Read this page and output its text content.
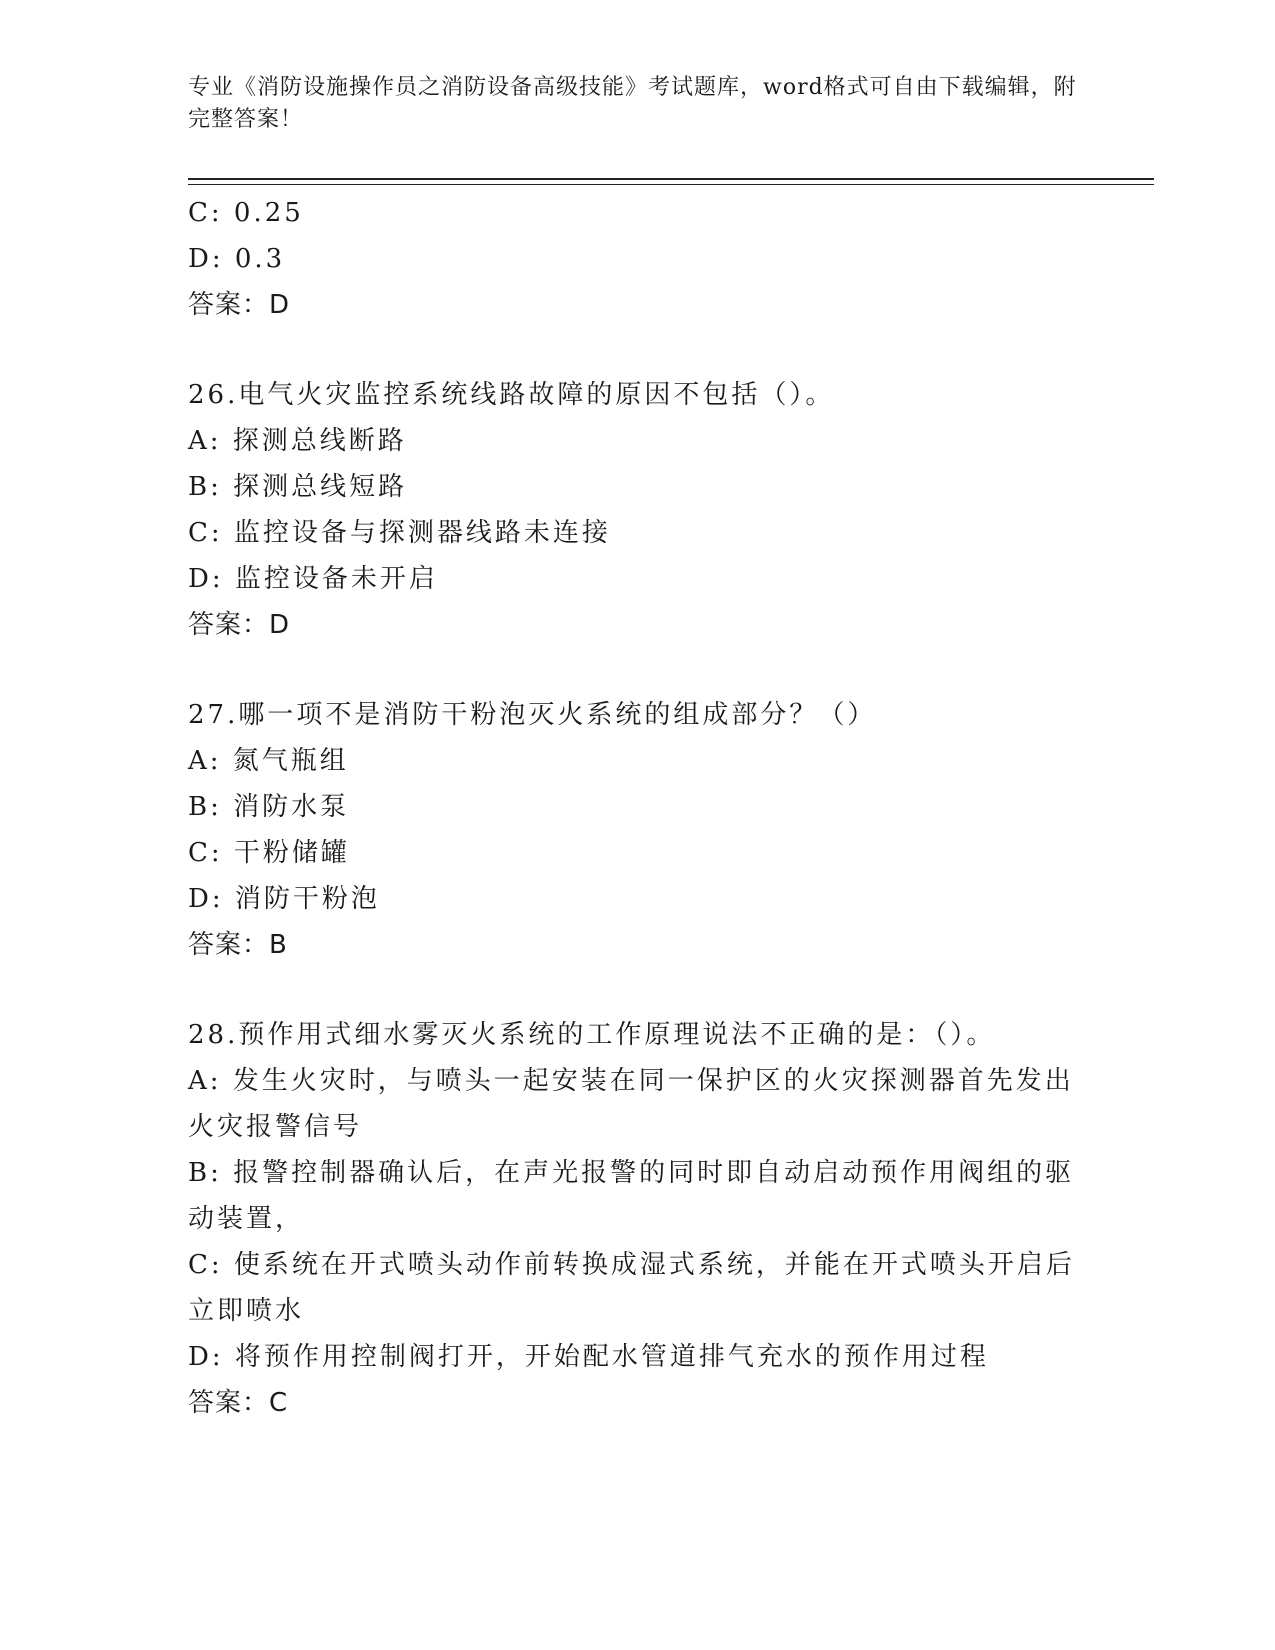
专业《消防设施操作员之消防设备高级技能》考试题库，word格式可自由下载编辑，附完整答案！
C: 0.25
D: 0.3
答案：D
26.电气火灾监控系统线路故障的原因不包括（）。
A: 探测总线断路
B: 探测总线短路
C: 监控设备与探测器线路未连接
D: 监控设备未开启
答案：D
27.哪一项不是消防干粉泡灭火系统的组成部分？（）
A: 氮气瓶组
B: 消防水泵
C: 干粉储罐
D: 消防干粉泡
答案：B
28.预作用式细水雾灭火系统的工作原理说法不正确的是：（）。
A: 发生火灾时，与喷头一起安装在同一保护区的火灾探测器首先发出火灾报警信号
B: 报警控制器确认后，在声光报警的同时即自动启动预作用阀组的驱动装置，
C: 使系统在开式喷头动作前转换成湿式系统，并能在开式喷头开启后立即喷水
D: 将预作用控制阀打开，开始配水管道排气充水的预作用过程
答案：C
